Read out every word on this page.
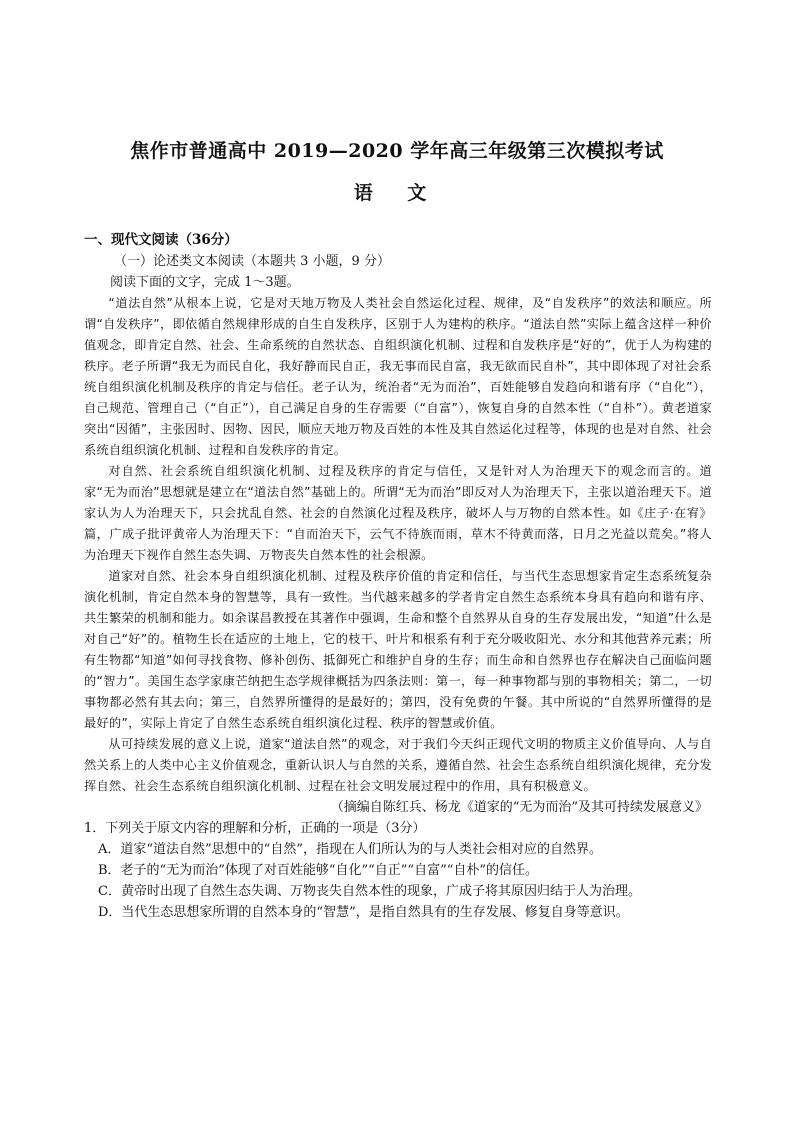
焦作市普通高中 2019—2020 学年高三年级第三次模拟考试
语 文

一、现代文阅读（36分）

（一）论述类文本阅读（本题共 3 小题，9 分）

阅读下面的文字，完成 1～3题。

“道法自然”从根本上说，它是对天地万物及人类社会自然运化过程、规律，及“自发秩序”的效法和顺应。所谓“自发秩序”，即依循自然规律形成的自生自发秩序，区别于人为建构的秩序。“道法自然”实际上蕴含这样一种价值观念，即肯定自然、社会、生命系统的自然状态、自组织演化机制、过程和自发秩序是“好的”，优于人为构建的秩序。老子所谓“我无为而民自化，我好静而民自正，我无事而民自富，我无欲而民自朴”，其中即体现了对社会系统自组织演化机制及秩序的肯定与信任。老子认为，统治者“无为而治”，百姓能够自发趋向和谐有序（“自化”），自己规范、管理自己（“自正”），自己满足自身的生存需要（“自富”），恢复自身的自然本性（“自朴”）。黄老道家突出“因循”，主张因时、因物、因民，顺应天地万物及百姓的本性及其自然运化过程等，体现的也是对自然、社会系统自组织演化机制、过程和自发秩序的肯定。

对自然、社会系统自组织演化机制、过程及秩序的肯定与信任，又是针对人为治理天下的观念而言的。道家“无为而治”思想就是建立在“道法自然”基础上的。所谓“无为而治”即反对人为治理天下，主张以道治理天下。道家认为人为治理天下，只会扰乱自然、社会的自然演化过程及秩序，破坏人与万物的自然本性。如《庄子·在宥》篇，广成子批评黄帝人为治理天下：“自而治天下，云气不待族而雨，草木不待黄而落，日月之光益以荒矣。”将人为治理天下视作自然生态失调、万物丧失自然本性的社会根源。

道家对自然、社会本身自组织演化机制、过程及秩序价值的肯定和信任，与当代生态思想家肯定生态系统复杂演化机制，肯定自然本身的智慧等，具有一致性。当代越来越多的学者肯定自然生态系统本身具有趋向和谐有序、共生繁荣的机制和能力。如余谋昌教授在其著作中强调，生命和整个自然界从自身的生存发展出发，“知道”什么是对自己“好”的。植物生长在适应的土地上，它的枝干、叶片和根系有利于充分吸收阳光、水分和其他营养元素；所有生物都“知道”如何寻找食物、修补创伤、抵御死亡和维护自身的生存；而生命和自然界也存在解决自己面临问题的“智力”。美国生态学家康芒纳把生态学规律概括为四条法则：第一，每一种事物都与别的事物相关；第二，一切事物都必然有其去向；第三，自然界所懂得的是最好的；第四，没有免费的午餐。其中所说的“自然界所懂得的是最好的”，实际上肯定了自然生态系统自组织演化过程、秩序的智慧或价值。

从可持续发展的意义上说，道家“道法自然”的观念，对于我们今天纠正现代文明的物质主义价值导向、人与自然关系上的人类中心主义价值观念，重新认识人与自然的关系，遵循自然、社会生态系统自组织演化规律，充分发挥自然、社会生态系统自组织演化机制、过程在社会文明发展过程中的作用，具有积极意义。

（摘编自陈红兵、杨龙《道家的“无为而治”及其可持续发展意义》

1．下列关于原文内容的理解和分析，正确的一项是（3分）

A．道家“道法自然”思想中的“自然”，指现在人们所认为的与人类社会相对应的自然界。

B．老子的“无为而治”体现了对百姓能够“自化”“自正”“自富”“自朴”的信任。

C．黄帝时出现了自然生态失调、万物丧失自然本性的现象，广成子将其原因归结于人为治理。

D．当代生态思想家所谓的自然本身的“智慧”，是指自然具有的生存发展、修复自身等意识。
